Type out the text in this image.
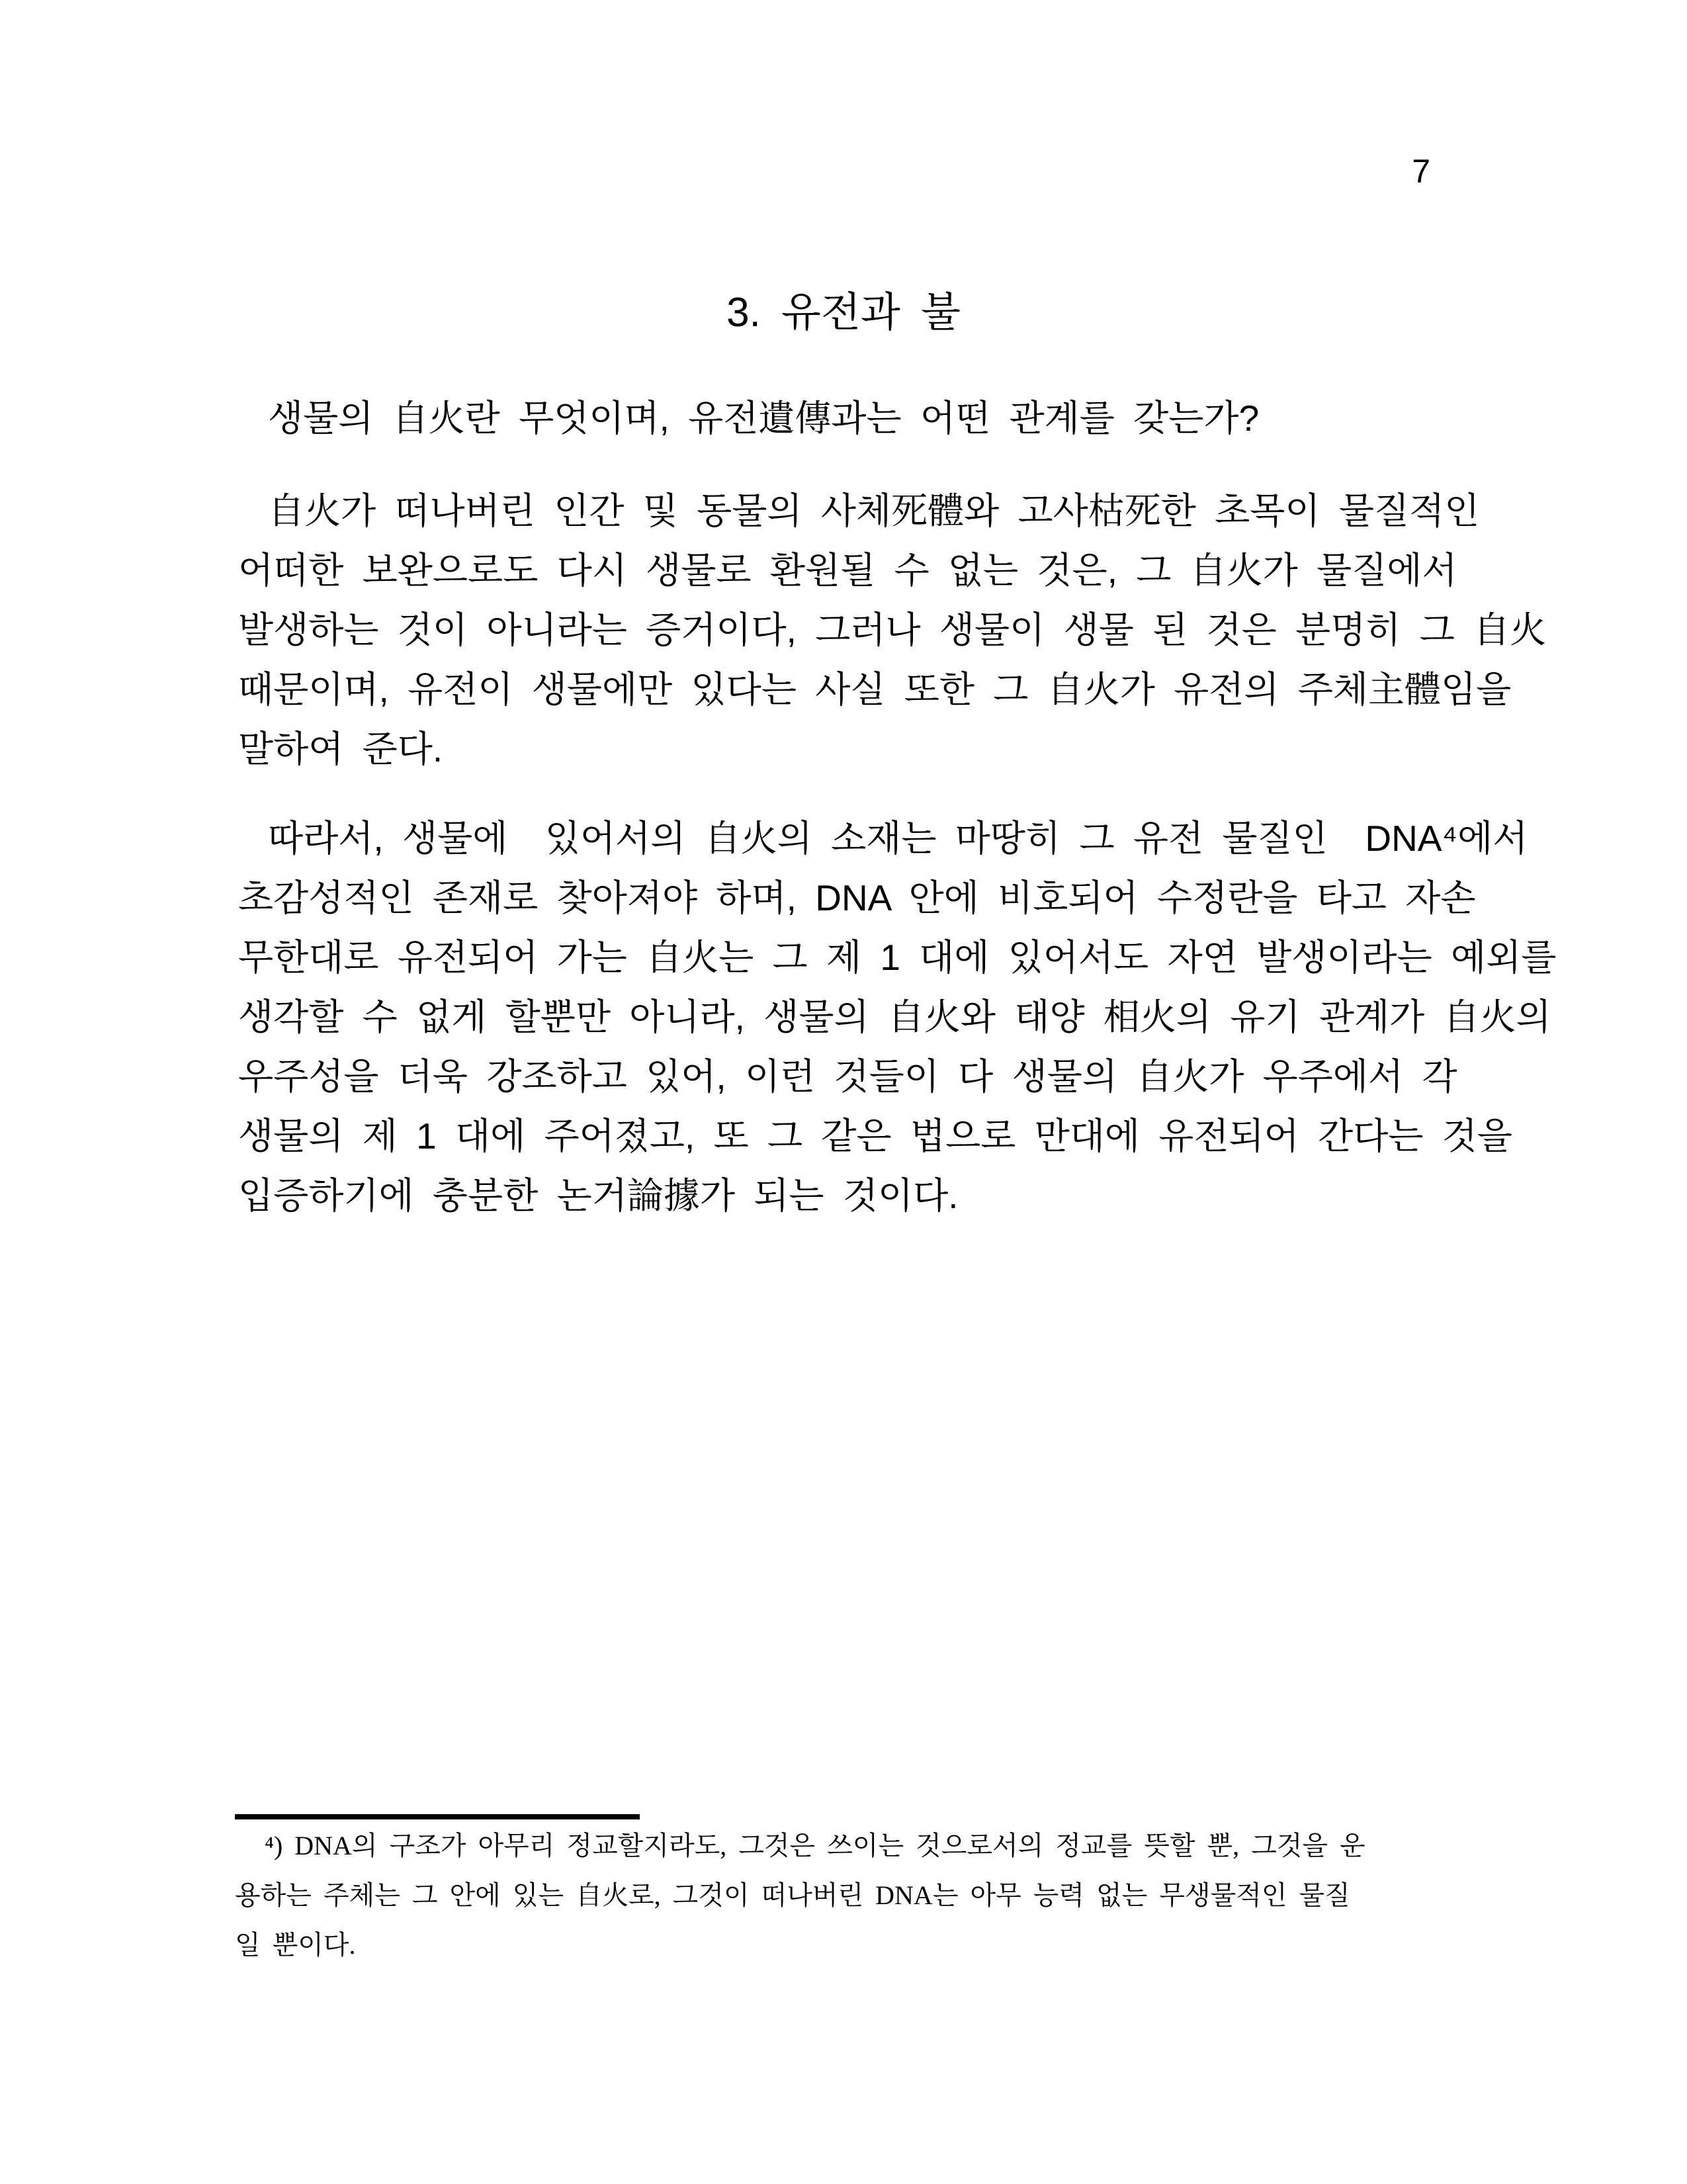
7
3. 유전과 불
생물의 自火란 무엇이며, 유전遺傳과는 어떤 관계를 갖는가?
自火가 떠나버린 인간 및 동물의 사체死體와 고사枯死한 초목이 물질적인
어떠한 보완으로도 다시 생물로 환원될 수 없는 것은, 그 自火가 물질에서
발생하는 것이 아니라는 증거이다, 그러나 생물이 생물 된 것은 분명히 그 自火
때문이며, 유전이 생물에만 있다는 사실 또한 그 自火가 유전의 주체主體임을
말하여 준다.
따라서, 생물에  있어서의 自火의 소재는 마땅히 그 유전 물질인  DNA⁴에서
초감성적인 존재로 찾아져야 하며, DNA 안에 비호되어 수정란을 타고 자손
무한대로 유전되어 가는 自火는 그 제 1 대에 있어서도 자연 발생이라는 예외를
생각할 수 없게 할뿐만 아니라, 생물의 自火와 태양 相火의 유기 관계가 自火의
우주성을 더욱 강조하고 있어, 이런 것들이 다 생물의 自火가 우주에서 각
생물의 제 1 대에 주어졌고, 또 그 같은 법으로 만대에 유전되어 간다는 것을
입증하기에 충분한 논거論據가 되는 것이다.
⁴) DNA의 구조가 아무리 정교할지라도, 그것은 쓰이는 것으로서의 정교를 뜻할 뿐, 그것을 운
용하는 주체는 그 안에 있는 自火로, 그것이 떠나버린 DNA는 아무 능력 없는 무생물적인 물질
일 뿐이다.
